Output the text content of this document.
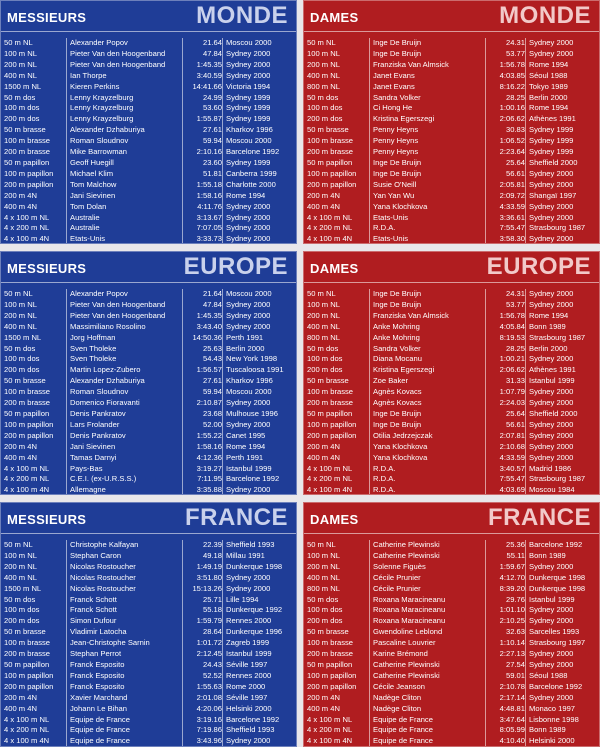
MESSIEURS	MONDE
50 m NL	Alexander Popov	21.64	Moscou 2000
100 m NL	Pieter Van den Hoogenband	47.84	Sydney 2000
200 m NL	Pieter Van den Hoogenband	1:45.35	Sydney 2000
400 m NL	Ian Thorpe	3:40.59	Sydney 2000
1500 m NL	Kieren Perkins	14:41.66	Victoria 1994
50 m dos	Lenny Krayzelburg	24.99	Sydney 1999
100 m dos	Lenny Krayzelburg	53.60	Sydney 1999
200 m dos	Lenny Krayzelburg	1:55.87	Sydney 1999
50 m brasse	Alexander Dzhaburiya	27.61	Kharkov 1996
100 m brasse	Roman Sloudnov	59.94	Moscou 2000
200 m brasse	Mike Barrowman	2:10.16	Barcelone 1992
50 m papillon	Geoff Huegill	23.60	Sydney 1999
100 m papillon	Michael Klim	51.81	Canberra 1999
200 m papillon	Tom Malchow	1:55.18	Charlotte 2000
200 m 4N	Jani Sievinen	1:58.16	Rome 1994
400 m 4N	Tom Dolan	4:11.76	Sydney 2000
4 x 100 m NL	Australie	3:13.67	Sydney 2000
4 x 200 m NL	Australie	7:07.05	Sydney 2000
4 x 100 m 4N	Etats-Unis	3:33.73	Sydney 2000
DAMES	MONDE
50 m NL	Inge De Bruijn	24.31	Sydney 2000
100 m NL	Inge De Bruijn	53.77	Sydney 2000
200 m NL	Franziska Van Almsick	1:56.78	Rome 1994
400 m NL	Janet Evans	4:03.85	Séoul 1988
800 m NL	Janet Evans	8:16.22	Tokyo 1989
50 m dos	Sandra Volker	28.25	Berlin 2000
100 m dos	Ci Hong He	1:00.16	Rome 1994
200 m dos	Kristina Egerszegi	2:06.62	Athènes 1991
50 m brasse	Penny Heyns	30.83	Sydney 1999
100 m brasse	Penny Heyns	1:06.52	Sydney 1999
200 m brasse	Penny Heyns	2:23.64	Sydney 1999
50 m papillon	Inge De Bruijn	25.64	Sheffield 2000
100 m papillon	Inge De Bruijn	56.61	Sydney 2000
200 m papillon	Susie O'Neill	2:05.81	Sydney 2000
200 m 4N	Yan Yan Wu	2:09.72	Shangaï 1997
400 m 4N	Yana Klochkova	4:33.59	Sydney 2000
4 x 100 m NL	Etats-Unis	3:36.61	Sydney 2000
4 x 200 m NL	R.D.A.	7:55.47	Strasbourg 1987
4 x 100 m 4N	Etats-Unis	3:58.30	Sydney 2000
MESSIEURS	EUROPE
50 m NL	Alexander Popov	21.64	Moscou 2000
100 m NL	Pieter Van den Hoogenband	47.84	Sydney 2000
200 m NL	Pieter Van den Hoogenband	1:45.35	Sydney 2000
400 m NL	Massimiliano Rosolino	3:43.40	Sydney 2000
1500 m NL	Jorg Hoffman	14:50.36	Perth 1991
50 m dos	Sven Tholeke	25.63	Berlin 2000
100 m dos	Sven Tholeke	54.43	New York 1998
200 m dos	Martin Lopez-Zubero	1:56.57	Tuscaloosa 1991
50 m brasse	Alexander Dzhaburiya	27.61	Kharkov 1996
100 m brasse	Roman Sloudnov	59.94	Moscou 2000
200 m brasse	Domenico Fioravanti	2:10.87	Sydney 2000
50 m papillon	Denis Pankratov	23.68	Mulhouse 1996
100 m papillon	Lars Frolander	52.00	Sydney 2000
200 m papillon	Denis Pankratov	1:55.22	Canet 1995
200 m 4N	Jani Sievinen	1:58.16	Rome 1994
400 m 4N	Tamas Darnyi	4:12.36	Perth 1991
4 x 100 m NL	Pays-Bas	3:19.27	Istanbul 1999
4 x 200 m NL	C.E.I. (ex-U.R.S.S.)	7:11.95	Barcelone 1992
4 x 100 m 4N	Allemagne	3:35.88	Sydney 2000
DAMES	EUROPE
50 m NL	Inge De Bruijn	24.31	Sydney 2000
100 m NL	Inge De Bruijn	53.77	Sydney 2000
200 m NL	Franziska Van Almsick	1:56.78	Rome 1994
400 m NL	Anke Mohring	4:05.84	Bonn 1989
800 m NL	Anke Mohring	8:19.53	Strasbourg 1987
50 m dos	Sandra Volker	28.25	Berlin 2000
100 m dos	Diana Mocanu	1:00.21	Sydney 2000
200 m dos	Kristina Egerszegi	2:06.62	Athènes 1991
50 m brasse	Zoe Baker	31.33	Istanbul 1999
100 m brasse	Agnès Kovacs	1:07.79	Sydney 2000
200 m brasse	Agnès Kovacs	2:24.03	Sydney 2000
50 m papillon	Inge De Bruijn	25.64	Sheffield 2000
100 m papillon	Inge De Bruijn	56.61	Sydney 2000
200 m papillon	Otilia Jedrzejczak	2:07.81	Sydney 2000
200 m 4N	Yana Klochkova	2:10.68	Sydney 2000
400 m 4N	Yana Klochkova	4:33.59	Sydney 2000
4 x 100 m NL	R.D.A.	3:40.57	Madrid 1986
4 x 200 m NL	R.D.A.	7:55.47	Strasbourg 1987
4 x 100 m 4N	R.D.A.	4:03.69	Moscou 1984
MESSIEURS	FRANCE
50 m NL	Christophe Kalfayan	22.39	Sheffield 1993
100 m NL	Stephan Caron	49.18	Millau 1991
200 m NL	Nicolas Rostoucher	1:49.19	Dunkerque 1998
400 m NL	Nicolas Rostoucher	3:51.80	Sydney 2000
1500 m NL	Nicolas Rostoucher	15:13.26	Sydney 2000
50 m dos	Franck Schott	25.71	Lille 1994
100 m dos	Franck Schott	55.18	Dunkerque 1992
200 m dos	Simon Dufour	1:59.79	Rennes 2000
50 m brasse	Vladimir Latocha	28.64	Dunkerque 1996
100 m brasse	Jean-Christophe Sarnin	1:01.72	Zagreb 1999
200 m brasse	Stephan Perrot	2:12.45	Istanbul 1999
50 m papillon	Franck Esposito	24.43	Séville 1997
100 m papillon	Franck Esposito	52.52	Rennes 2000
200 m papillon	Franck Esposito	1:55.63	Rome 2000
200 m 4N	Xavier Marchand	2:01.08	Séville 1997
400 m 4N	Johann Le Bihan	4:20.06	Helsinki 2000
4 x 100 m NL	Equipe de France	3:19.16	Barcelone 1992
4 x 200 m NL	Equipe de France	7:19.86	Sheffield 1993
4 x 100 m 4N	Equipe de France	3:43.96	Sydney 2000
DAMES	FRANCE
50 m NL	Catherine Plewinski	25.36	Barcelone 1992
100 m NL	Catherine Plewinski	55.11	Bonn 1989
200 m NL	Solenne Figuès	1:59.67	Sydney 2000
400 m NL	Cécile Prunier	4:12.70	Dunkerque 1998
800 m NL	Cécile Prunier	8:39.20	Dunkerque 1998
50 m dos	Roxana Maracineanu	29.76	Istanbul 1999
100 m dos	Roxana Maracineanu	1:01.10	Sydney 2000
200 m dos	Roxana Maracineanu	2:10.25	Sydney 2000
50 m brasse	Gwendoline Leblond	32.63	Sarcelles 1993
100 m brasse	Pascaline Louvrier	1:10.14	Strasbourg 1997
200 m brasse	Karine Brémond	2:27.13	Sydney 2000
50 m papillon	Catherine Plewinski	27.54	Sydney 2000
100 m papillon	Catherine Plewinski	59.01	Séoul 1988
200 m papillon	Cécile Jeanson	2:10.78	Barcelone 1992
200 m 4N	Nadège Cliton	2:17.14	Sydney 2000
400 m 4N	Nadège Cliton	4:48.81	Monaco 1997
4 x 100 m NL	Equipe de France	3:47.64	Lisbonne 1998
4 x 200 m NL	Equipe de France	8:05.99	Bonn 1989
4 x 100 m 4N	Equipe de France	4:10.40	Helsinki 2000
